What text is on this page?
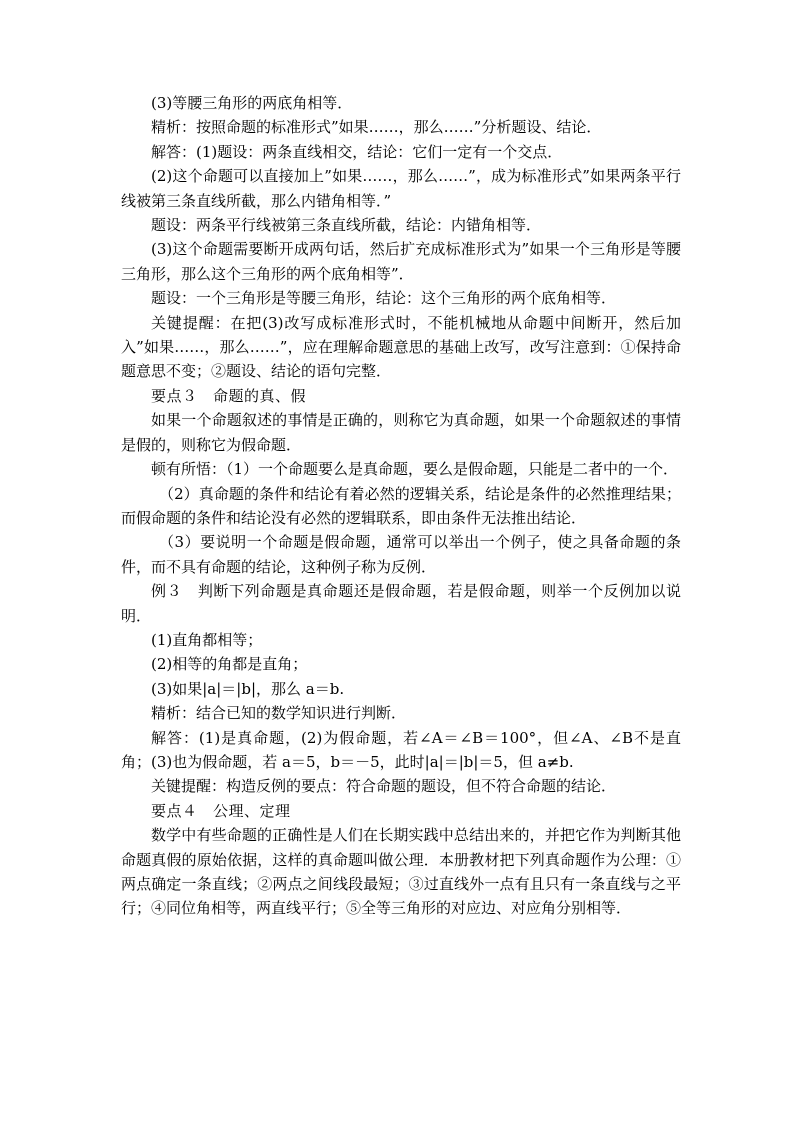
(3)等腰三角形的两底角相等．

精析：按照命题的标准形式”如果……，那么……”分析题设、结论．

解答：(1)题设：两条直线相交，结论：它们一定有一个交点．

(2)这个命题可以直接加上”如果……，那么……”，成为标准形式”如果两条平行线被第三条直线所截，那么内错角相等．”

题设：两条平行线被第三条直线所截，结论：内错角相等．

(3)这个命题需要断开成两句话，然后扩充成标准形式为”如果一个三角形是等腰三角形，那么这个三角形的两个底角相等”．

题设：一个三角形是等腰三角形，结论：这个三角形的两个底角相等．

关键提醒：在把(3)改写成标准形式时，不能机械地从命题中间断开，然后加入”如果……，那么……”，应在理解命题意思的基础上改写，改写注意到：①保持命题意思不变；②题设、结论的语句完整．

要点３　命题的真、假

如果一个命题叙述的事情是正确的，则称它为真命题，如果一个命题叙述的事情是假的，则称它为假命题．

顿有所悟：（1）一个命题要么是真命题，要么是假命题，只能是二者中的一个．

（2）真命题的条件和结论有着必然的逻辑关系，结论是条件的必然推理结果；而假命题的条件和结论没有必然的逻辑联系，即由条件无法推出结论．

（3）要说明一个命题是假命题，通常可以举出一个例子，使之具备命题的条件，而不具有命题的结论，这种例子称为反例．

例３　判断下列命题是真命题还是假命题，若是假命题，则举一个反例加以说明．

(1)直角都相等；

(2)相等的角都是直角；

(3)如果|a|＝|b|，那么 a＝b.

精析：结合已知的数学知识进行判断．

解答：(1)是真命题，(2)为假命题，若∠A＝∠B＝100°，但∠A、∠B不是直角；(3)也为假命题，若 a＝5，b＝－5，此时|a|＝|b|＝5，但 a≠b.

关键提醒：构造反例的要点：符合命题的题设，但不符合命题的结论．

要点４　公理、定理

数学中有些命题的正确性是人们在长期实践中总结出来的，并把它作为判断其他命题真假的原始依据，这样的真命题叫做公理．本册教材把下列真命题作为公理：①两点确定一条直线；②两点之间线段最短；③过直线外一点有且只有一条直线与之平行；④同位角相等，两直线平行；⑤全等三角形的对应边、对应角分别相等．
